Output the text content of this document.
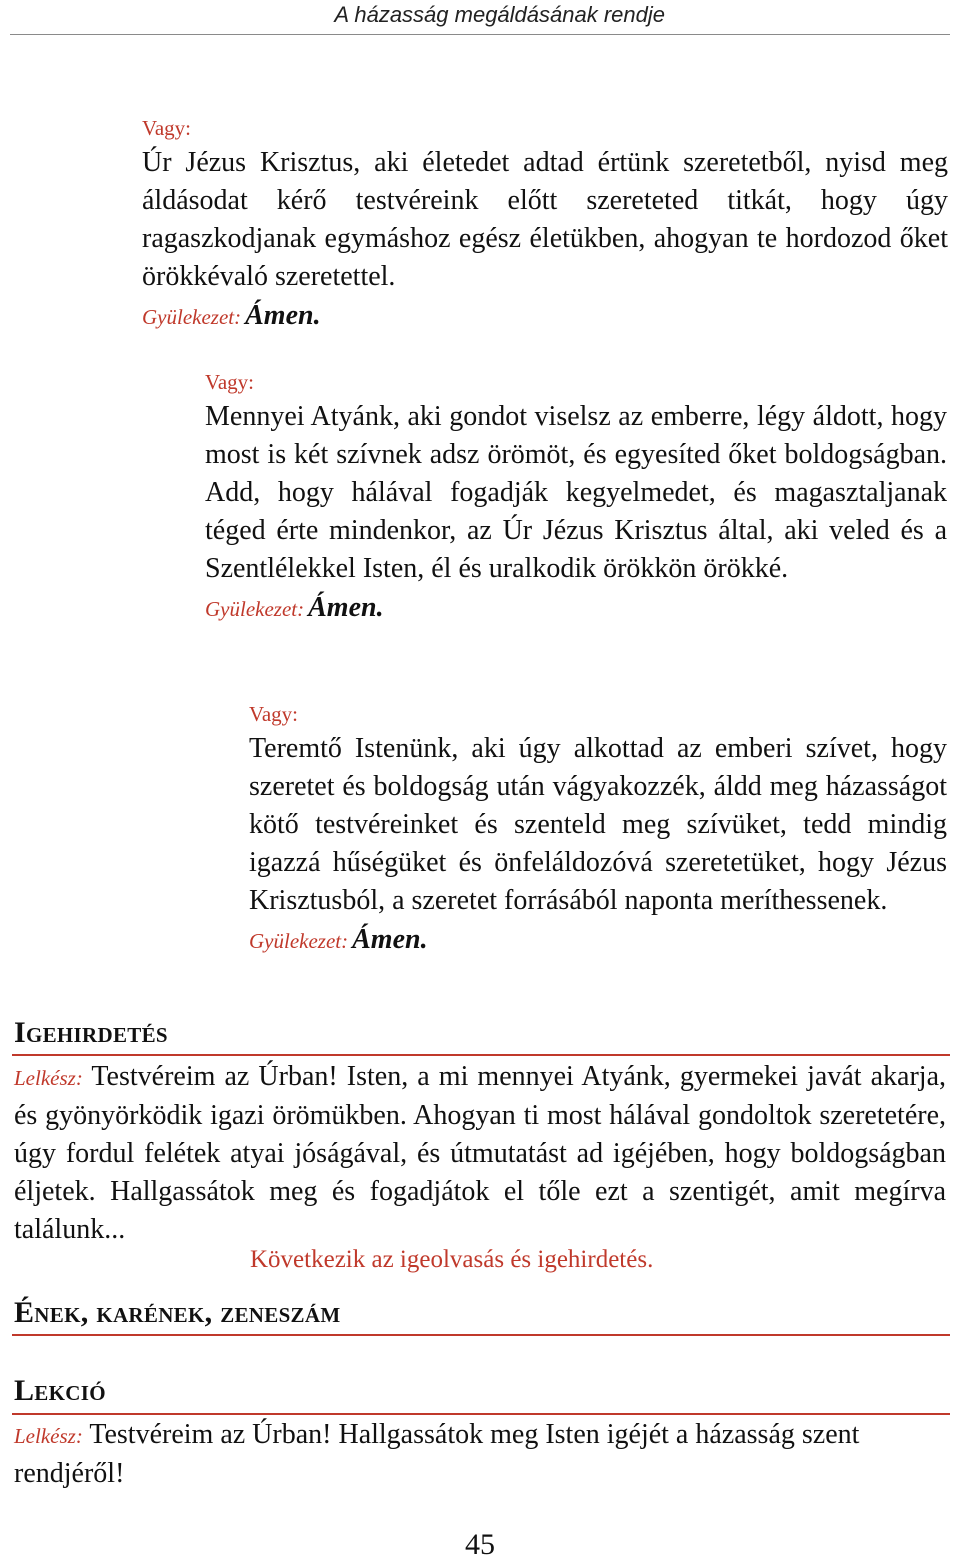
A házasság megáldásának rendje

Vagy:

Úr Jézus Krisztus, aki életedet adtad értünk szeretetből, nyisd meg áldásodat kérő testvéreink előtt szereteted titkát, hogy úgy ragaszkodjanak egymáshoz egész életükben, ahogyan te hordozod őket örökkévaló szeretettel.

Gyülekezet: Ámen.

Vagy:

Mennyei Atyánk, aki gondot viselsz az emberre, légy áldott, hogy most is két szívnek adsz örömöt, és egyesíted őket boldogságban. Add, hogy hálával fogadják kegyelmedet, és magasztaljanak téged érte mindenkor, az Úr Jézus Krisztus által, aki veled és a Szentlélekkel Isten, él és uralkodik örökkön örökké.

Gyülekezet: Ámen.

Vagy:

Teremtő Istenünk, aki úgy alkottad az emberi szívet, hogy szeretet és boldogság után vágyakozzék, áldd meg házasságot kötő testvéreinket és szenteld meg szívüket, tedd mindig igazzá hűségüket és önfeláldozóvá szeretetüket, hogy Jézus Krisztusból, a szeretet forrásából naponta meríthessenek.

Gyülekezet: Ámen.
Igehirdetés

Lelkész: Testvéreim az Úrban! Isten, a mi mennyei Atyánk, gyermekei javát akarja, és gyönyörködik igazi örömükben. Ahogyan ti most hálával gondoltok szeretetére, úgy fordul felétek atyai jóságával, és útmutatást ad igéjében, hogy boldogságban éljetek. Hallgassátok meg és fogadjátok el tőle ezt a szentigét, amit megírva találunk...

Következik az igeolvasás és igehirdetés.
Ének, karének, zeneszám
Lekció

Lelkész: Testvéreim az Úrban! Hallgassátok meg Isten igéjét a házasság szent rendjéről!

45
